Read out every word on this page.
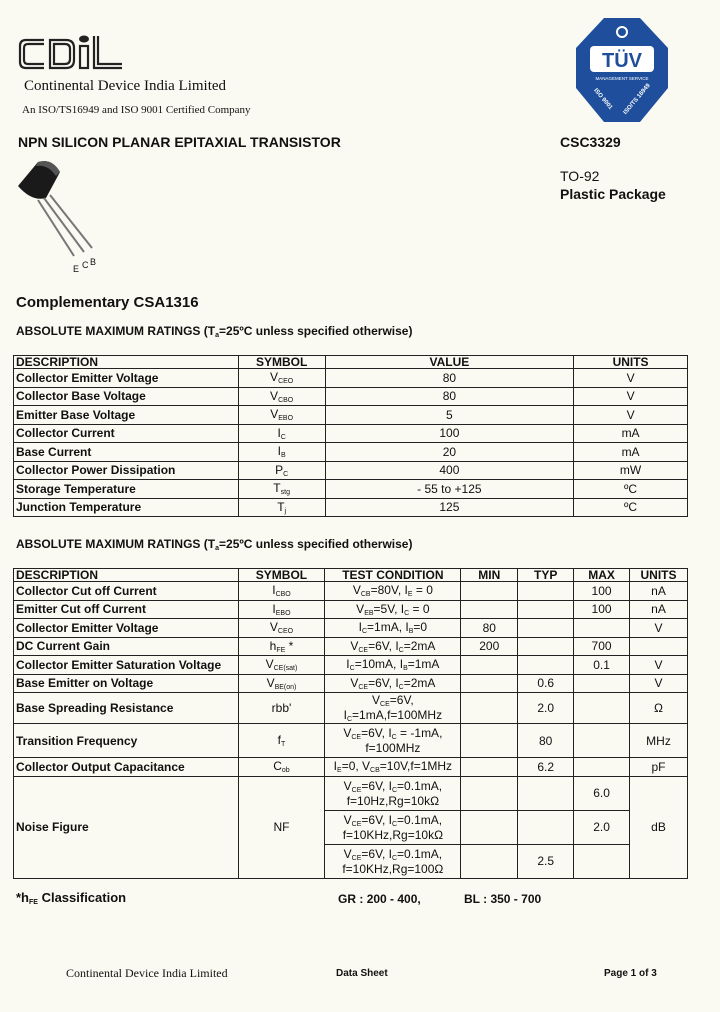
Continental Device India Limited
An ISO/TS16949 and ISO 9001 Certified Company
TÜV
MANAGEMENT SERVICE
ISO 9001 ISO/TS 16949
NPN SILICON PLANAR EPITAXIAL TRANSISTOR	CSC3329
TO-92
Plastic Package
E C B
Complementary CSA1316
ABSOLUTE MAXIMUM RATINGS ($T_a=25ºC$ unless specified otherwise)
DESCRIPTION	SYMBOL	VALUE	UNITS
Collector Emitter Voltage	$V_{CEO}$	80	V
Collector Base Voltage	$V_{CBO}$	80	V
Emitter Base Voltage	$V_{EBO}$	5	V
Collector Current	$I_C$	100	mA
Base Current	$I_B$	20	mA
Collector Power Dissipation	$P_C$	400	mW
Storage Temperature	$T_{stg}$	- 55 to +125	ºC
Junction Temperature	$T_j$	125	ºC
ABSOLUTE MAXIMUM RATINGS ($T_a=25ºC$ unless specified otherwise)
DESCRIPTION	SYMBOL	TEST CONDITION	MIN	TYP	MAX	UNITS
Collector Cut off Current	$I_{CBO}$	$V_{CB}=80V$, $I_E = 0$			100	nA
Emitter Cut off Current	$I_{EBO}$	$V_{EB}=5V$, $I_C = 0$			100	nA
Collector Emitter Voltage	$V_{CEO}$	$I_C=1mA$, $I_B=0$	80			V
DC Current Gain	$h_{FE}$ *	$V_{CE}=6V$, $I_C=2mA$	200		700	
Collector Emitter Saturation Voltage	$V_{CE(sat)}$	$I_C=10mA$, $I_B=1mA$			0.1	V
Base Emitter on Voltage	$V_{BE(on)}$	$V_{CE}=6V$, $I_C=2mA$		0.6		V
Base Spreading Resistance	rbb'	$V_{CE}=6V$, $I_C=1mA,f=100MHz$		2.0		Ω
Transition Frequency	$f_T$	$V_{CE}=6V$, $I_C = -1mA$,
f=100MHz		80		MHz
Collector Output Capacitance	$C_{ob}$	$I_E=0$, $V_{CB}=10V,f=1MHz$		6.2		pF
Noise Figure	NF	$V_{CE}=6V$, $I_C=0.1mA$,
f=10Hz,Rg=10kΩ			6.0	dB
		$V_{CE}=6V$, $I_C=0.1mA$,
f=10KHz,Rg=10kΩ			2.0	
		$V_{CE}=6V$, $I_C=0.1mA$,
f=10KHz,Rg=100Ω		2.5		
$*h_{FE}$ Classification	GR : 200 - 400,	BL : 350 - 700
Continental Device India Limited	Data Sheet	Page 1 of 3
